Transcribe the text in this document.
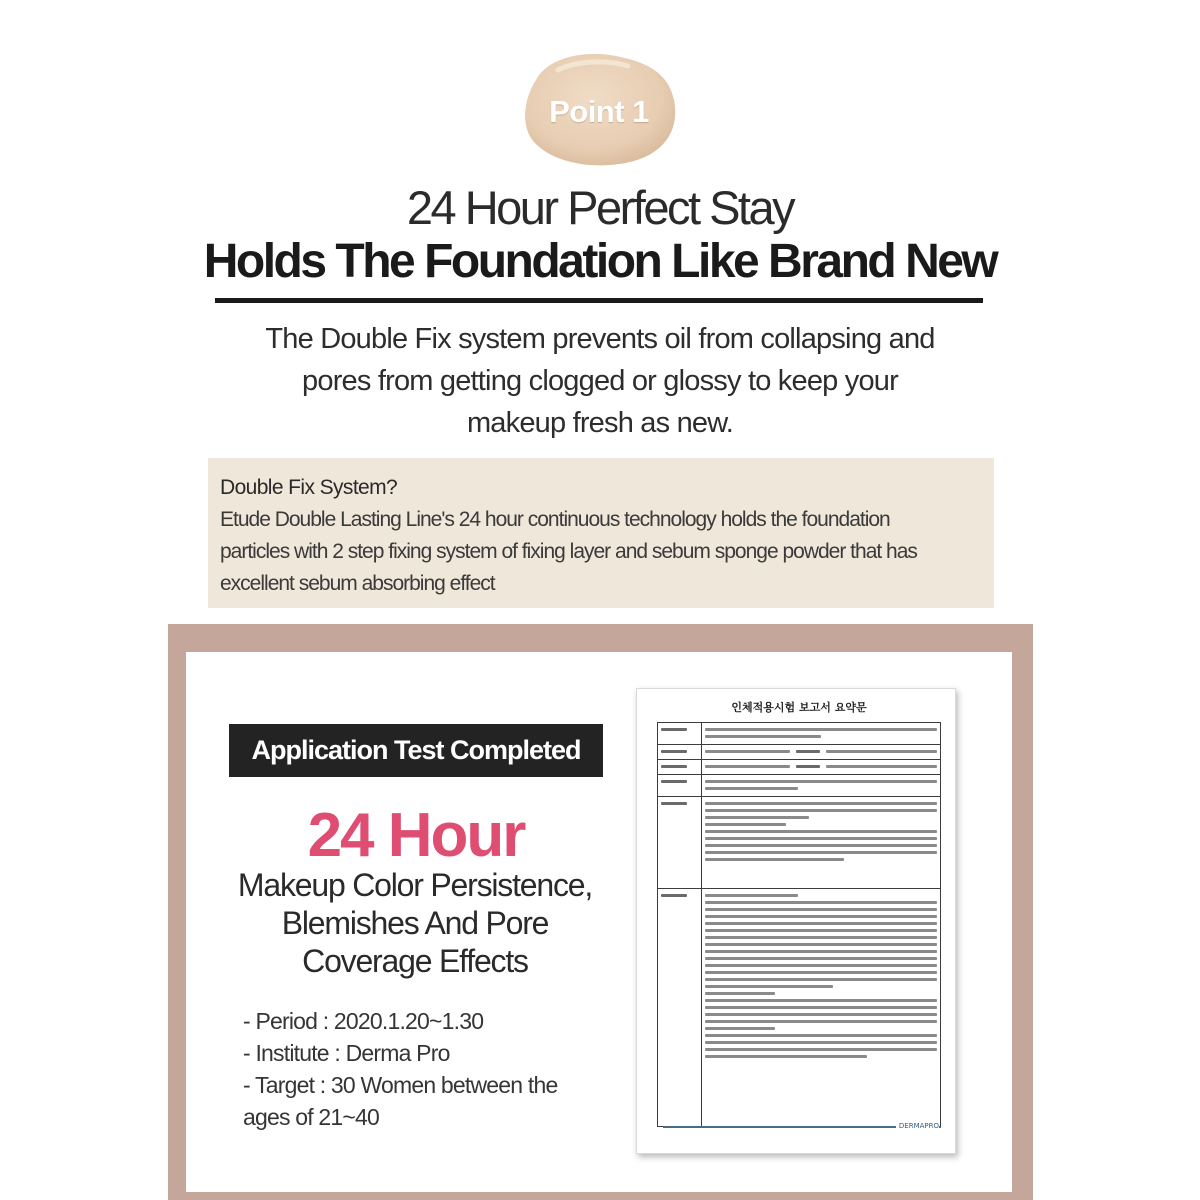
Point 1
24 Hour Perfect Stay
Holds The Foundation Like Brand New
The Double Fix system prevents oil from collapsing and
pores from getting clogged or glossy to keep your
makeup fresh as new.
Double Fix System?
Etude Double Lasting Line's 24 hour continuous technology holds the foundation
particles with 2 step fixing system of fixing layer and sebum sponge powder that has
excellent sebum absorbing effect
Application Test Completed
24 Hour
Makeup Color Persistence,
Blemishes And Pore
Coverage Effects
- Period : 2020.1.20~1.30
- Institute : Derma Pro
- Target : 30 Women between the
ages of 21~40
인체적용시험 보고서 요약문

DERMAPRO
